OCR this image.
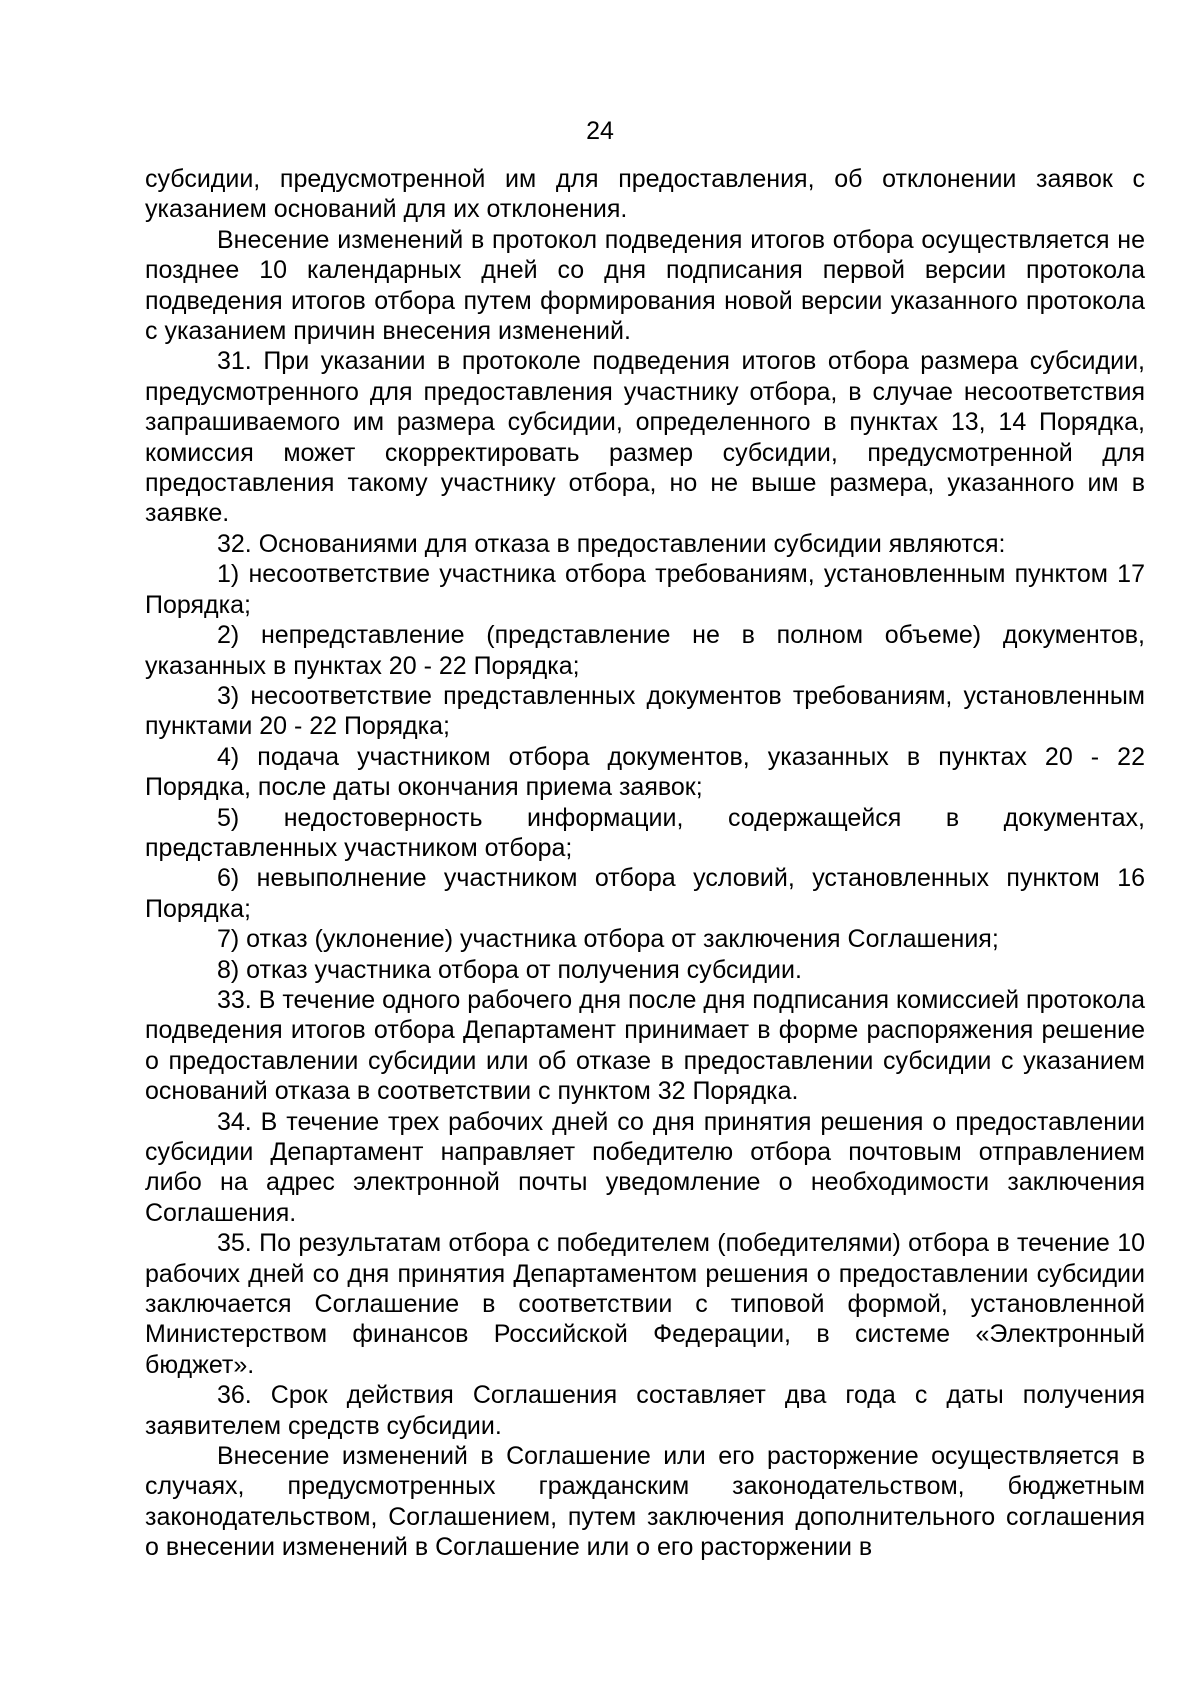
24

субсидии, предусмотренной им для предоставления, об отклонении заявок с указанием оснований для их отклонения.

Внесение изменений в протокол подведения итогов отбора осуществляется не позднее 10 календарных дней со дня подписания первой версии протокола подведения итогов отбора путем формирования новой версии указанного протокола с указанием причин внесения изменений.

31. При указании в протоколе подведения итогов отбора размера субсидии, предусмотренного для предоставления участнику отбора, в случае несоответствия запрашиваемого им размера субсидии, определенного в пунктах 13, 14 Порядка, комиссия может скорректировать размер субсидии, предусмотренной для предоставления такому участнику отбора, но не выше размера, указанного им в заявке.

32. Основаниями для отказа в предоставлении субсидии являются:

1) несоответствие участника отбора требованиям, установленным пунктом 17 Порядка;

2) непредставление (представление не в полном объеме) документов, указанных в пунктах 20 - 22 Порядка;

3) несоответствие представленных документов требованиям, установленным пунктами 20 - 22 Порядка;

4) подача участником отбора документов, указанных в пунктах 20 - 22 Порядка, после даты окончания приема заявок;

5) недостоверность информации, содержащейся в документах, представленных участником отбора;

6) невыполнение участником отбора условий, установленных пунктом 16 Порядка;

7) отказ (уклонение) участника отбора от заключения Соглашения;

8) отказ участника отбора от получения субсидии.

33. В течение одного рабочего дня после дня подписания комиссией протокола подведения итогов отбора Департамент принимает в форме распоряжения решение о предоставлении субсидии или об отказе в предоставлении субсидии с указанием оснований отказа в соответствии с пунктом 32 Порядка.

34. В течение трех рабочих дней со дня принятия решения о предоставлении субсидии Департамент направляет победителю отбора почтовым отправлением либо на адрес электронной почты уведомление о необходимости заключения Соглашения.

35. По результатам отбора с победителем (победителями) отбора в течение 10 рабочих дней со дня принятия Департаментом решения о предоставлении субсидии заключается Соглашение в соответствии с типовой формой, установленной Министерством финансов Российской Федерации, в системе «Электронный бюджет».

36. Срок действия Соглашения составляет два года с даты получения заявителем средств субсидии.

Внесение изменений в Соглашение или его расторжение осуществляется в случаях, предусмотренных гражданским законодательством, бюджетным законодательством, Соглашением, путем заключения дополнительного соглашения о внесении изменений в Соглашение или о его расторжении в
